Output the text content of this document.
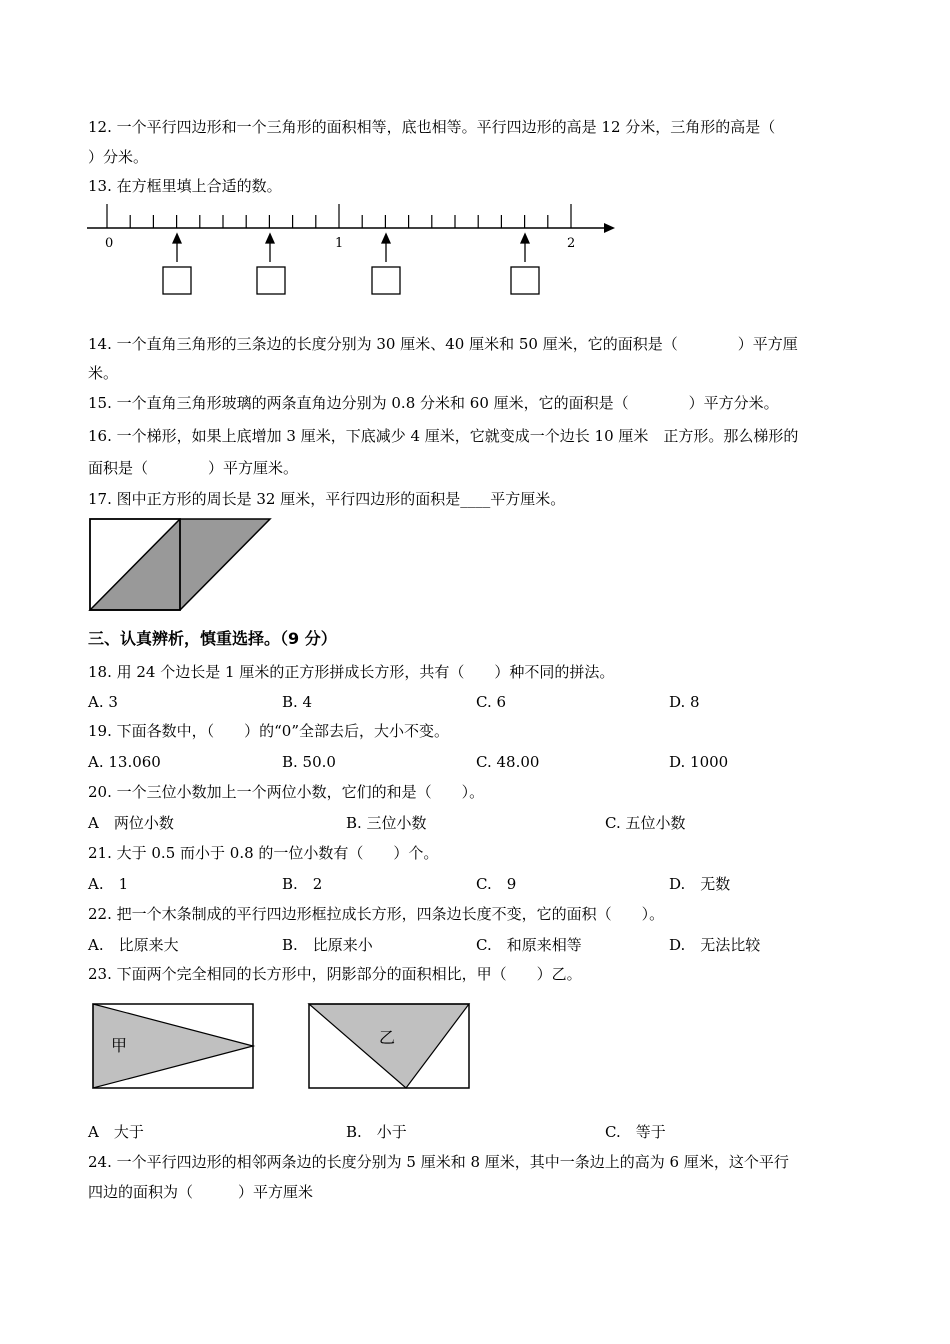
12. 一个平行四边形和一个三角形的面积相等，底也相等。平行四边形的高是 12 分米，三角形的高是（
）分米。
13. 在方框里填上合适的数。
0	1	2
14. 一个直角三角形的三条边的长度分别为 30 厘米、40 厘米和 50 厘米，它的面积是（　　　　）平方厘
米。
15. 一个直角三角形玻璃的两条直角边分别为 0.8 分米和 60 厘米，它的面积是（　　　　）平方分米。
16. 一个梯形，如果上底增加 3 厘米，下底减少 4 厘米，它就变成一个边长 10 厘米　正方形。那么梯形的
面积是（　　　　）平方厘米。
17. 图中正方形的周长是 32 厘米，平行四边形的面积是____平方厘米。
三、认真辨析，慎重选择。（9 分）
18. 用 24 个边长是 1 厘米的正方形拼成长方形，共有（　　）种不同的拼法。
A. 3	B. 4	C. 6	D. 8
19. 下面各数中，（　　）的“0”全部去后，大小不变。
A. 13.060	B. 50.0	C. 48.00	D. 1000
20. 一个三位小数加上一个两位小数，它们的和是（　　）。
A　两位小数	B. 三位小数	C. 五位小数
21. 大于 0.5 而小于 0.8 的一位小数有（　　）个。
A.　1	B.　2	C.　9	D.　无数
22. 把一个木条制成的平行四边形框拉成长方形，四条边长度不变，它的面积（　　）。
A.　比原来大	B.　比原来小	C.　和原来相等	D.　无法比较
23. 下面两个完全相同的长方形中，阴影部分的面积相比，甲（　　）乙。
甲	乙
A　大于	B.　小于	C.　等于
24. 一个平行四边形的相邻两条边的长度分别为 5 厘米和 8 厘米，其中一条边上的高为 6 厘米，这个平行
四边的面积为（　　　）平方厘米
